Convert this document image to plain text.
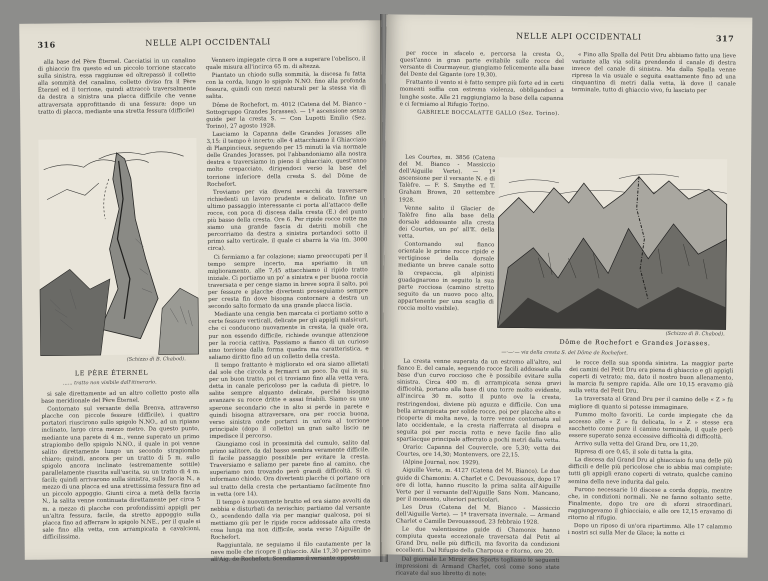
316	NELLE ALPI OCCIDENTALI

alla base del Père Éternel. Cacciatisi in un canalino di ghiaccio fra questo ed un piccolo torrione staccato sulla sinistra, essa raggiunse ed oltrepassò il colletto alla sommità del canalino, colletto diviso fra il Père Éternel ed il torrione, quindi attraccò traversalmente da destra a sinistra una placca difficile che venne attraversata approfittando di una fessura: dopo un tratto di placca, mediante una stretta fessura (difficile)

(Schizzo di B. Chabod).
LE PÈRE ÉTERNEL
...... tratto non visibile dall'itinerario.

si sale direttamente ad un altro colletto posto alla base meridionale del Père Éternel.

Contornato sul versante della Brenva, attraverso placche con piccole fessure (difficile), i quattro portatori riuscirono sullo spigolo N.NO., ad un ripiano inclinato, largo circa mezzo metro. Da questo punto, mediante una parete di 4 m., venne superato un primo strapiombo dello spigolo N.NO., il quale in poi venne salito direttamente lungo un secondo strapiombo chiaro; quindi, ancora per un tratto di 5 m. sullo spigolo ancora inclinato (estremamente sottile) parallelamente riuscita sull'uscita, su un tratto di 4 m. facili; quindi arrivarono sulla sinistra, sulla faccia N., a mezzo di una placca ed una strettissima fessura fino ad un piccolo appoggio. Giunti circa a metà della faccia N., la salita venne continuata direttamente per circa 5 m. a mezzo di placche con profondissimi appigli per un'altra fessura, facile, da stretto appoggio sulla placca fino ad afferrare lo spigolo N.NE., per il quale si sale fino alla vetta, con arrampicata a cavalcioni, difficilissima.

Vennero impiegate circa 8 ore a superare l'obelisco, il quale misura all'incirca 65 m. di altezza.

Piantato un chiodo sulla sommità, la discesa fu fatta con la corda, lungo lo spigolo N.NO. fino alla profonda fessura, quindi con mezzi naturali per la stessa via di salita.

Dôme de Rochefort, m. 4012 (Catena del M. Bianco - Sottogruppo Grandes Jorasses). — 1ª ascensione senza guide per la cresta S. — Con Lupotti Emilio (Sez. Torino), 27 agosto 1928.

Lasciamo la Capanna delle Grandes Jorasses alle 3,15: il tempo è incerto; alle 4 attacchiamo il Ghiacciaio di Planpincieux, seguendo per 15 minuti la via normale delle Grandes Jorasses, poi l'abbandoniamo alla nostra destra e traversiamo in pieno il ghiacciaio, quest'anno molto crepacciato, dirigendoci verso la base del torrione inferiore della cresta S. del Dôme de Rochefort.

Troviamo per via diversi seracchi da traversare richiedenti un lavoro prudente e delicato. Infine un ultimo passaggio interessante ci porta all'attacco delle rocce, con poca di discesa dalla cresta (E.) del punto più basso della cresta. Ore 6. Per ripide rocce rotte ma siamo una grande fascia di detriti mobili che percorriamo da destra a sinistra portandoci sotto il primo salto verticale, il quale ci sbarra la via (m. 3000 circa).

Ci fermiamo a far colazione; siamo preoccupati per il tempo sempre incerto, ma speriamo in un miglioramento, alle 7,45 attacchiamo il ripido tratto iniziale. Ci portiamo un po' a sinistra e per buona roccia traversata e per cenge siamo in breve sopra il salto, poi per fessure e placche divertenti proseguiamo sempre per cresta fin dove bisogna contornare a destra un secondo salto formato da una grande placca liscia.

Mediante una cengia ben marcata ci portiamo sotto a certe fessure verticali, delicate per gli appigli malsicuri, che ci conducono nuovamente in cresta, la quale ora, pur non essendo difficile, richiede ovunque attenzione per la roccia cattiva. Passiamo a fianco di un curioso sino torrione dalla forma quadra ma caratteristica, e saliamo diritto fino ad un colletto della cresta.

Il tempo frattanto è migliorato ed ora siamo allietati dal sole che circola a fermarci un poco. Da qui in su, per un buon tratto, poi ci troviamo fino alla vetta vera, detta in canale pericoloso per la caduta di pietre, lo salite sempre alquanto delicate, perché bisogna avanzare su rocce dritte e assai friabili. Siamo su uno sperone secondario che in alto si perde in parete e quindi bisogna attraversare, ora per roccia buona, verso sinistra onde portarci in un'ora al torrione principale (dopo il colletto) un gran salto liscio ne impedisce il percorso.

Giungiamo così in prossimità del cumulo, salito dal primo salitore, da dal basso sembra veramente difficile. Il facile passaggio possibile per evitare la cresta. Traversiamo e saliamo per parete fino al camino, che superiamo non trovando però grandi difficoltà. Si ci informano chiodo. Ora divertenti placche ci portano ora sul tratto della cresta che pertantiamo facilmente fino in vetta (ore 14).

Il tempo è nuovamente brutto ed ora siamo avvolti da nebbia e disturbati da nevischio; partiamo dal versante O., scendendo dalla via per mangiar qualcosa, poi si mettiamo giù per le ripide rocce addossate alla cresta cosa lunga ma non difficile, sosta verso l'Aiguille de Rochefort.

Raggiuntala, ne seguiamo il filo cautamente per la neve molle che ricopre il ghiaccio. Alle 17,30 pervenimo all'Aig. de Rochefort. Scendiamo il versante opposto

NELLE ALPI OCCIDENTALI	317

per rocce in sfacelo e, percorsa la cresta O., quest'anno in gran parte evitabile sulle rocce del versante di Courmayeur, giungiamo felicemente alla base del Dente del Gigante (ore 19,30).

Frattanto il vento si è fatto sempre più forte ed in certi momenti soffia con estrema violenza, obbligandoci a lunghe soste. Alle 21 raggiungiamo la base della capanna e ci fermiamo al Rifugio Torino.

GABRIELE BOCCALATTE GALLO (Sez. Torino).

Les Courtes, m. 3856 (Catena del M. Bianco - Massiccio dell'Aiguille Verte). — 1ª ascensione per il versante N. e di Talèfre. — F. S. Smythe ed T. Graham Brown, 20 settembre 1928.

Venne salito il Glacier de Talèfre fino alla base della dorsale addossante alla cresta dei Courtes, un po' all'E. della vetta.

Contornando sul fianco orientale le prime rocce ripide e vertiginose della dorsale mediante un breve canale sotto la crepaccia, gli alpinisti guadagnarono in seguito la sua parte rocciosa (camino stretto seguito da un nuovo poco alto, appartenente per una scaglia di roccia molto visibile).

(Schizzo di B. Chabod).
Dôme de Rochefort e Grandes Jorasses.
—·—·— via della cresta S. del Dôme de Rochefort.

La cresta venne superata da un estremo all'altro, sul fianco E. del canale, seguendo rocce facili addossate alla base d'un curvo roccioso che è possibile evitare sulla sinistra. Circa 400 m. di arrampicata senza gravi difficoltà, portano alla base di una torre molto evidente, all'incirca 30 m. sotto il punto ove la cresta, restringendosi, diviene più aguzza e difficile. Con una bella arrampicata per solide rocce, poi per placche alto e ricoperte di molta neve, la torre venne contornata sul lato occidentale, e la cresta riafferrata al disopra e seguita poi per roccia rotta e neve facile fino allo spartiacque principale afferrato a pochi metri dalla vetta.

Orario: Capanna del Couvercle, ore 5,30; vetta dei Courtes, ore 14,30; Montenvers, ore 22,15.

(Alpine Journal, nov. 1929).

Aiguille Verte, m. 4127 (Catena del M. Bianco). Le due guide di Chamonix: A. Charlet e C. Devouassoux, dopo 17 ore di lotta, hanno riuscito la prima salita all'Aiguille Verte per il versante dell'Aiguille Sans Nom. Mancano, per il momento, ulteriori particolari.

Les Drus (Catena del M. Bianco - Massiccio dell'Aiguille Verte). — 1ª traversata invernale. — Armand Charlet e Camille Devouassoud, 23 febbraio 1928.

Le due valentissime guide di Chamonix hanno compiuta questa eccezionale traversata dal Petit al Grand Dru, nelle più difficili, ma favorita da condizioni eccellenti. Dal Rifugio della Charpoua e ritorno, ore 20.

Dal giornale Le Miroir des Sports togliamo le seguenti impressioni di Armand Charlet, così come sono state ricavate dal suo libretto di note:

« Fino alla Spalla del Petit Dru abbiamo fatto una lieve variante alla via solita prendendo il canale di destra invece del canale di sinistra. Ma dalla Spalla venne ripresa la via usuale e seguita esattamente fino ad una cinquantina di metri dalla vetta, là dove il canale terminale, tutto di ghiaccio vivo, fu lasciato per

le rocce della sua sponda sinistra. La maggior parte dei camini del Petit Dru era piena di ghiaccio e gli appigli coperti di vetrato; ma, dato il nostro buon allenamento, la marcia fu sempre rapida. Alle ore 10,15 eravamo già sulla vetta del Petit Dru.

La traversata al Grand Dru per il camino delle « Z » fu migliore di quanto si potesse immaginare.

Fummo molto favoriti. Le corde impiegate che da accesso alle « Z » fu delicata, lo « Z » stesse era sacchetto come pure il camino terminale, il quale però essere superato senza eccessive difficoltà di difficoltà.

Arrivo sulla vetta del Grand Dru, ore 11,20.

Ripresa di ore 0,45, il sole di tutta la gita.

La discesa dal Grand Dru al ghiacciaio fu una delle più difficili e delle più pericolose che io abbia mai compiute: tutti gli appigli erano coperti di vetrato, qualche camino semina della neve indurita dal gelo.

Furono necessarie 10 discese a corda doppia, mentre che, in condizioni normali. Ne ne fanno soltanto sette. Finalmente, dopo tre ore di sforzi straordinari, raggiungevamo il ghiacciaio, e alle ore 12,15 eravamo di ritorno al rifugio.

Dopo un riposo di un'ora ripartimmo. Alle 17 calammo i nostri sci sulla Mer de Glace; la notte ci
